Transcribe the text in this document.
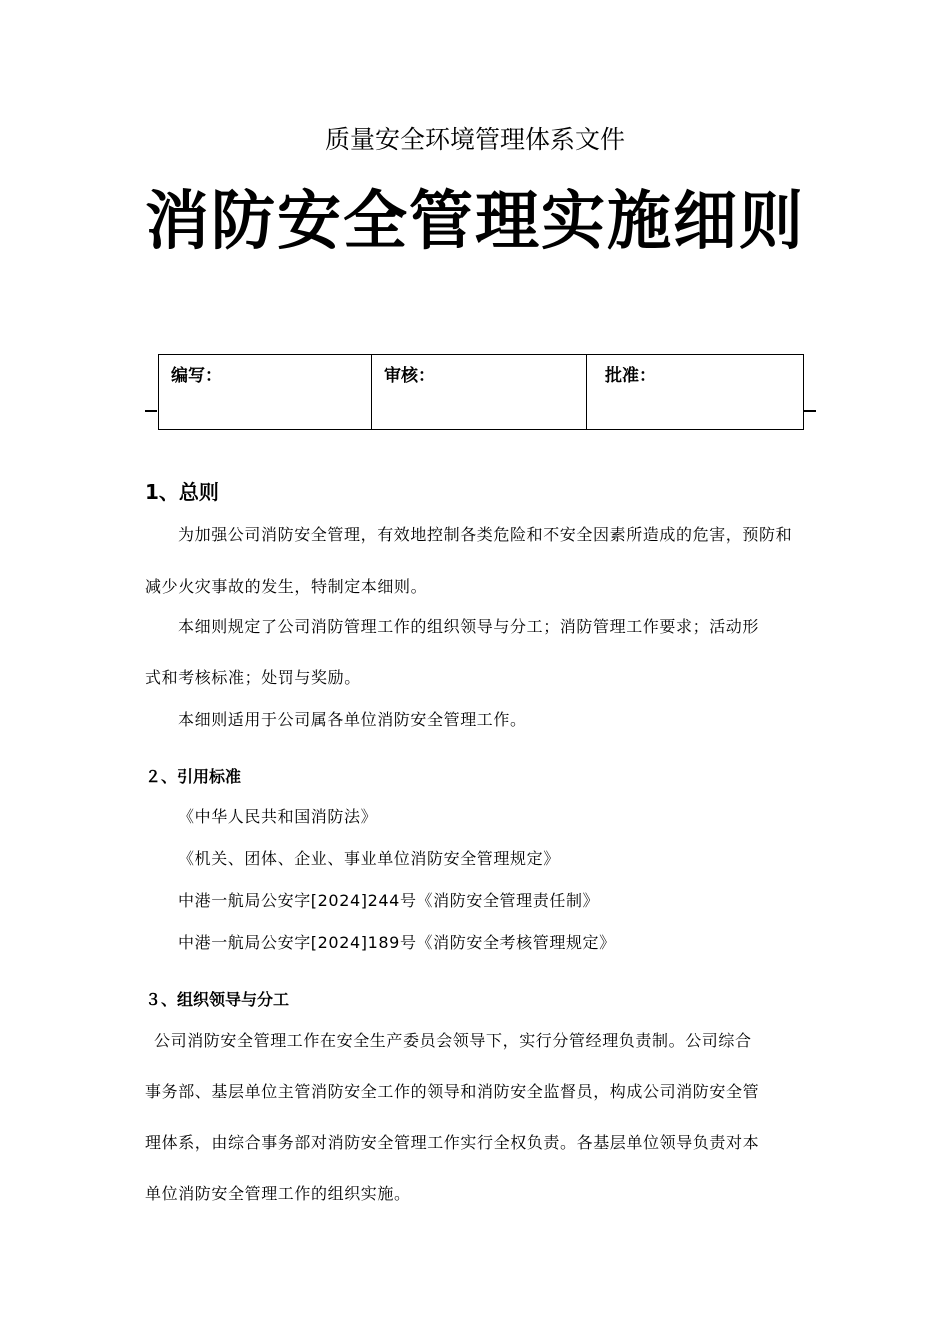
质量安全环境管理体系文件
消防安全管理实施细则
编写：	审核：	批准：
1、总则
为加强公司消防安全管理，有效地控制各类危险和不安全因素所造成的危害，预防和
减少火灾事故的发生，特制定本细则。
本细则规定了公司消防管理工作的组织领导与分工；消防管理工作要求；活动形
式和考核标准；处罚与奖励。
本细则适用于公司属各单位消防安全管理工作。
２、引用标准
《中华人民共和国消防法》
《机关、团体、企业、事业单位消防安全管理规定》
中港一航局公安字[2024]244号《消防安全管理责任制》
中港一航局公安字[2024]189号《消防安全考核管理规定》
３、组织领导与分工
公司消防安全管理工作在安全生产委员会领导下，实行分管经理负责制。公司综合
事务部、基层单位主管消防安全工作的领导和消防安全监督员，构成公司消防安全管
理体系，由综合事务部对消防安全管理工作实行全权负责。各基层单位领导负责对本
单位消防安全管理工作的组织实施。
